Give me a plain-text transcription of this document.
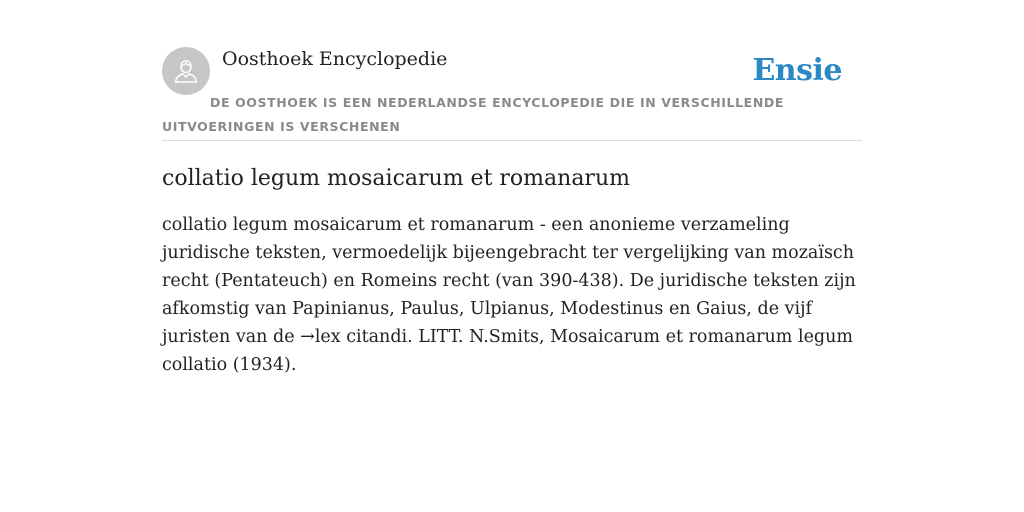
Oosthoek Encyclopedie	Ensie
DE OOSTHOEK IS EEN NEDERLANDSE ENCYCLOPEDIE DIE IN VERSCHILLENDE UITVOERINGEN IS VERSCHENEN
collatio legum mosaicarum et romanarum

collatio legum mosaicarum et romanarum - een anonieme verzameling juridische teksten, vermoedelijk bijeengebracht ter vergelijking van mozaïsch recht (Pentateuch) en Romeins recht (van 390-438). De juridische teksten zijn afkomstig van Papinianus, Paulus, Ulpianus, Modestinus en Gaius, de vijf juristen van de →lex citandi. LITT. N.Smits, Mosaicarum et romanarum legum collatio (1934).
